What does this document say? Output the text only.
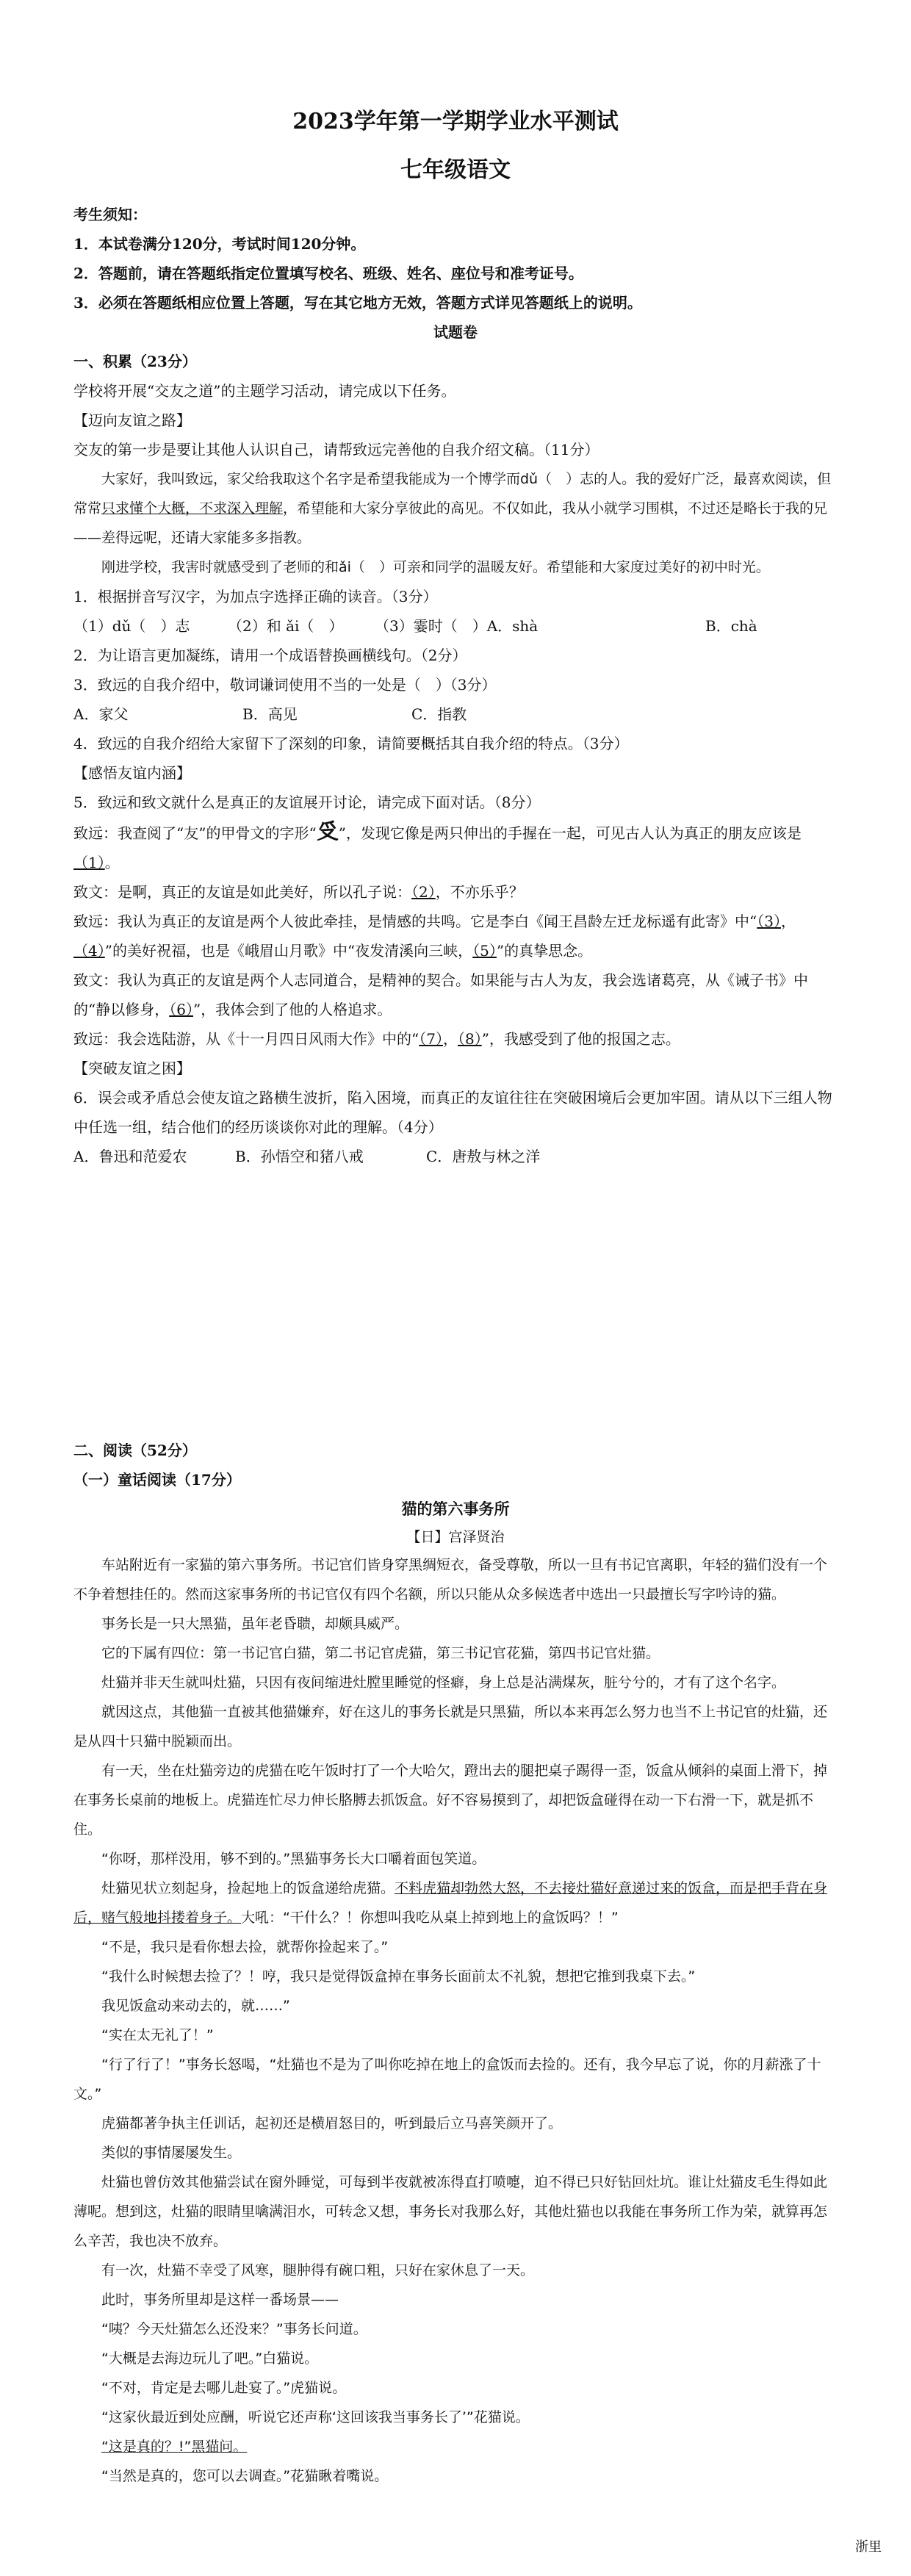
2023学年第一学期学业水平测试
七年级语文
考生须知：
1．本试卷满分120分，考试时间120分钟。
2．答题前，请在答题纸指定位置填写校名、班级、姓名、座位号和准考证号。
3．必须在答题纸相应位置上答题，写在其它地方无效，答题方式详见答题纸上的说明。
试题卷
一、积累（23分）
学校将开展“交友之道”的主题学习活动，请完成以下任务。
【迈向友谊之路】
交友的第一步是要让其他人认识自己，请帮致远完善他的自我介绍文稿。（11分）
大家好，我叫致远，家父给我取这个名字是希望我能成为一个博学而dǔ（　）志的人。我的爱好广泛，最喜欢阅读，但常常只求懂个大概，不求深入理解，希望能和大家分享彼此的高见。不仅如此，我从小就学习围棋，不过还是略长于我的兄——差得远呢，还请大家能多多指教。
刚进学校，我害时就感受到了老师的和ǎi（　）可亲和同学的温暖友好。希望能和大家度过美好的初中时光。
1．根据拼音写汉字，为加点字选择正确的读音。（3分）
（1）dǔ（　）志	（2）和 ǎi（　）	（3）霎时（　）A．shà	B．chà
2．为让语言更加凝练，请用一个成语替换画横线句。（2分）
3．致远的自我介绍中，敬词谦词使用不当的一处是（　）（3分）
A．家父	B．高见	C．指教
4．致远的自我介绍给大家留下了深刻的印象，请简要概括其自我介绍的特点。（3分）
【感悟友谊内涵】
5．致远和致文就什么是真正的友谊展开讨论，请完成下面对话。（8分）
致远：我查阅了“友”的甲骨文的字形“𠬪”，发现它像是两只伸出的手握在一起，可见古人认为真正的朋友应该是（1）。
致文：是啊，真正的友谊是如此美好，所以孔子说：（2），不亦乐乎？
致远：我认为真正的友谊是两个人彼此牵挂，是情感的共鸣。它是李白《闻王昌龄左迁龙标遥有此寄》中“（3），（4）”的美好祝福，也是《峨眉山月歌》中“夜发清溪向三峡，（5）”的真挚思念。
致文：我认为真正的友谊是两个人志同道合，是精神的契合。如果能与古人为友，我会选诸葛亮，从《诫子书》中的“静以修身，（6）”，我体会到了他的人格追求。
致远：我会选陆游，从《十一月四日风雨大作》中的“（7），（8）”，我感受到了他的报国之志。
【突破友谊之困】
6．误会或矛盾总会使友谊之路横生波折，陷入困境，而真正的友谊往往在突破困境后会更加牢固。请从以下三组人物中任选一组，结合他们的经历谈谈你对此的理解。（4分）
A．鲁迅和范爱农	B．孙悟空和猪八戒	C．唐敖与林之洋
二、阅读（52分）
（一）童话阅读（17分）
猫的第六事务所
【日】宫泽贤治
车站附近有一家猫的第六事务所。书记官们皆身穿黑绸短衣，备受尊敬，所以一旦有书记官离职，年轻的猫们没有一个不争着想挂任的。然而这家事务所的书记官仅有四个名额，所以只能从众多候选者中选出一只最擅长写字吟诗的猫。
事务长是一只大黑猫，虽年老昏聩，却颇具威严。
它的下属有四位：第一书记官白猫，第二书记官虎猫，第三书记官花猫，第四书记官灶猫。
灶猫并非天生就叫灶猫，只因有夜间缩进灶膛里睡觉的怪癖，身上总是沾满煤灰，脏兮兮的，才有了这个名字。
就因这点，其他猫一直被其他猫嫌弃，好在这儿的事务长就是只黑猫，所以本来再怎么努力也当不上书记官的灶猫，还是从四十只猫中脱颖而出。
有一天，坐在灶猫旁边的虎猫在吃午饭时打了一个大哈欠，蹬出去的腿把桌子踢得一歪，饭盒从倾斜的桌面上滑下，掉在事务长桌前的地板上。虎猫连忙尽力伸长胳膊去抓饭盒。好不容易摸到了，却把饭盒碰得在动一下右滑一下，就是抓不住。
“你呀，那样没用，够不到的。”黑猫事务长大口嚼着面包笑道。
灶猫见状立刻起身，捡起地上的饭盒递给虎猫。不料虎猫却勃然大怒，不去接灶猫好意递过来的饭盒，而是把手背在身后，赌气般地抖搂着身子。大吼：“干什么？！你想叫我吃从桌上掉到地上的盒饭吗？！”
“不是，我只是看你想去捡，就帮你捡起来了。”
“我什么时候想去捡了？！哼，我只是觉得饭盒掉在事务长面前太不礼貌，想把它推到我桌下去。”
我见饭盒动来动去的，就……”
“实在太无礼了！”
“行了行了！”事务长怒喝，“灶猫也不是为了叫你吃掉在地上的盒饭而去捡的。还有，我今早忘了说，你的月薪涨了十文。”
虎猫都著争执主任训话，起初还是横眉怒目的，听到最后立马喜笑颜开了。
类似的事情屡屡发生。
灶猫也曾仿效其他猫尝试在窗外睡觉，可每到半夜就被冻得直打喷嚏，迫不得已只好钻回灶坑。谁让灶猫皮毛生得如此薄呢。想到这，灶猫的眼睛里噙满泪水，可转念又想，事务长对我那么好，其他灶猫也以我能在事务所工作为荣，就算再怎么辛苦，我也决不放弃。
有一次，灶猫不幸受了风寒，腿肿得有碗口粗，只好在家休息了一天。
此时，事务所里却是这样一番场景——
“咦？今天灶猫怎么还没来？”事务长问道。
“大概是去海边玩儿了吧。”白猫说。
“不对，肯定是去哪儿赴宴了。”虎猫说。
“这家伙最近到处应酬，听说它还声称‘这回该我当事务长了’”花猫说。
“这是真的？!”黑猫问。
“当然是真的，您可以去调查。”花猫瞅着嘴说。
浙里
